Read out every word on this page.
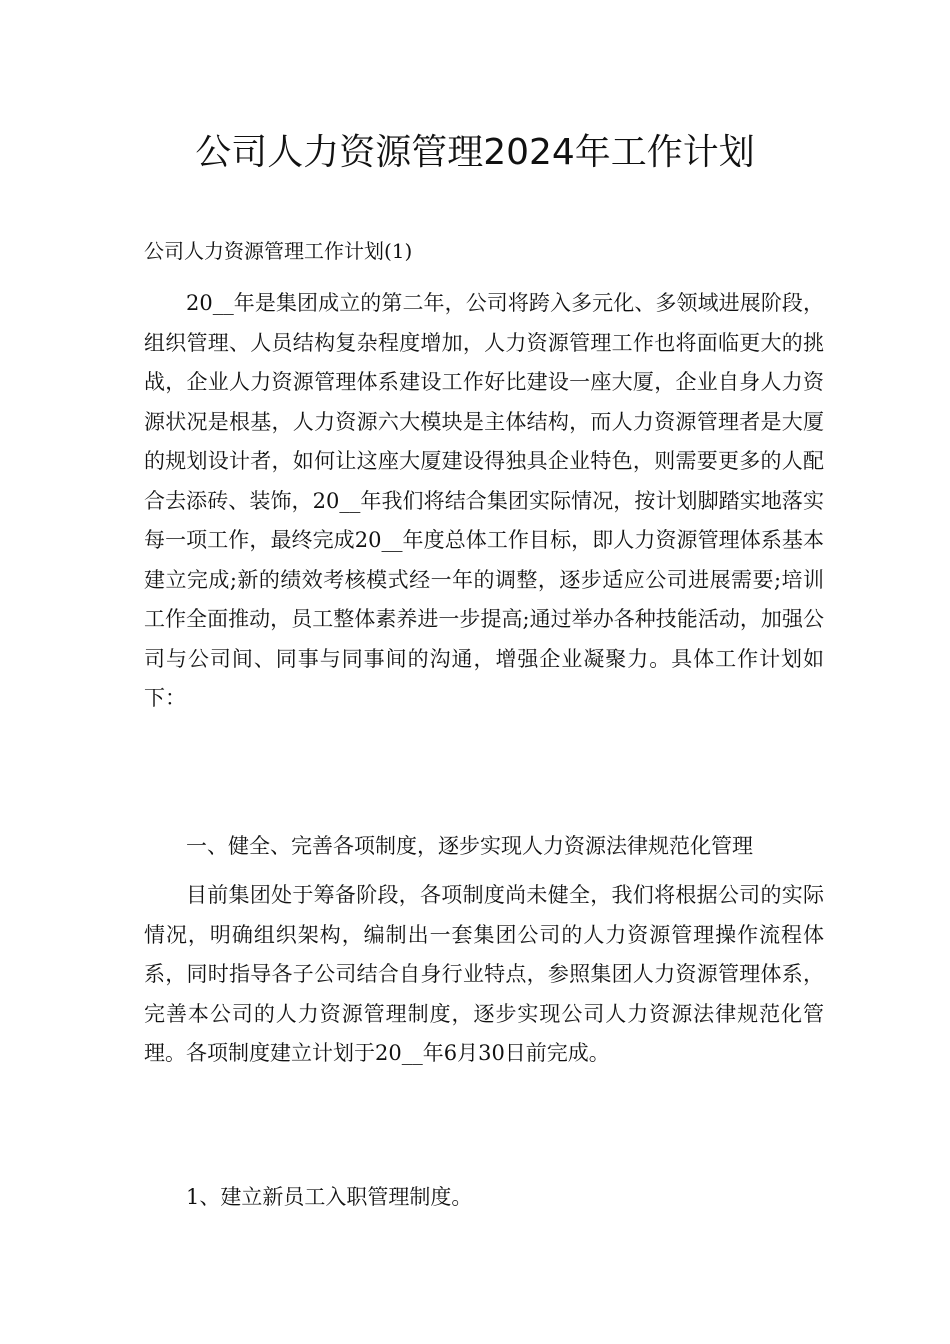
公司人力资源管理2024年工作计划
公司人力资源管理工作计划(1)

20__年是集团成立的第二年，公司将跨入多元化、多领域进展阶段，组织管理、人员结构复杂程度增加，人力资源管理工作也将面临更大的挑战，企业人力资源管理体系建设工作好比建设一座大厦，企业自身人力资源状况是根基，人力资源六大模块是主体结构，而人力资源管理者是大厦的规划设计者，如何让这座大厦建设得独具企业特色，则需要更多的人配合去添砖、装饰，20__年我们将结合集团实际情况，按计划脚踏实地落实每一项工作，最终完成20__年度总体工作目标，即人力资源管理体系基本建立完成;新的绩效考核模式经一年的调整，逐步适应公司进展需要;培训工作全面推动，员工整体素养进一步提高;通过举办各种技能活动，加强公司与公司间、同事与同事间的沟通，增强企业凝聚力。具体工作计划如下：

一、健全、完善各项制度，逐步实现人力资源法律规范化管理

目前集团处于筹备阶段，各项制度尚未健全，我们将根据公司的实际情况，明确组织架构，编制出一套集团公司的人力资源管理操作流程体系，同时指导各子公司结合自身行业特点，参照集团人力资源管理体系，完善本公司的人力资源管理制度，逐步实现公司人力资源法律规范化管理。各项制度建立计划于20__年6月30日前完成。

1、建立新员工入职管理制度。
